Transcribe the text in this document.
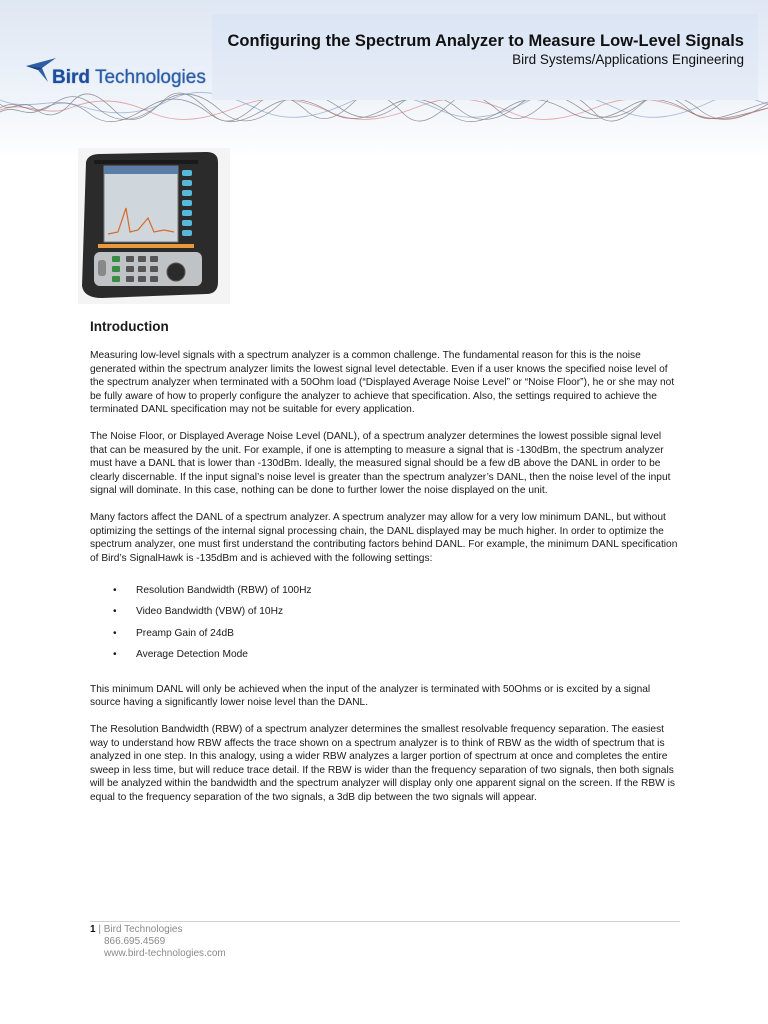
Configuring the Spectrum Analyzer to Measure Low-Level Signals
Bird Systems/Applications Engineering
Bird Technologies
Introduction

Measuring low-level signals with a spectrum analyzer is a common challenge. The fundamental reason for this is the noise generated within the spectrum analyzer limits the lowest signal level detectable. Even if a user knows the specified noise level of the spectrum analyzer when terminated with a 50Ohm load (“Displayed Average Noise Level” or “Noise Floor”), he or she may not be fully aware of how to properly configure the analyzer to achieve that specification. Also, the settings required to achieve the terminated DANL specification may not be suitable for every application.

The Noise Floor, or Displayed Average Noise Level (DANL), of a spectrum analyzer determines the lowest possible signal level that can be measured by the unit. For example, if one is attempting to measure a signal that is -130dBm, the spectrum analyzer must have a DANL that is lower than -130dBm. Ideally, the measured signal should be a few dB above the DANL in order to be clearly discernable. If the input signal’s noise level is greater than the spectrum analyzer’s DANL, then the noise level of the input signal will dominate. In this case, nothing can be done to further lower the noise displayed on the unit.

Many factors affect the DANL of a spectrum analyzer. A spectrum analyzer may allow for a very low minimum DANL, but without optimizing the settings of the internal signal processing chain, the DANL displayed may be much higher. In order to optimize the spectrum analyzer, one must first understand the contributing factors behind DANL. For example, the minimum DANL specification of Bird’s SignalHawk is -135dBm and is achieved with the following settings:

• Resolution Bandwidth (RBW) of 100Hz
• Video Bandwidth (VBW) of 10Hz
• Preamp Gain of 24dB
• Average Detection Mode

This minimum DANL will only be achieved when the input of the analyzer is terminated with 50Ohms or is excited by a signal source having a significantly lower noise level than the DANL.

The Resolution Bandwidth (RBW) of a spectrum analyzer determines the smallest resolvable frequency separation. The easiest way to understand how RBW affects the trace shown on a spectrum analyzer is to think of RBW as the width of spectrum that is analyzed in one step. In this analogy, using a wider RBW analyzes a larger portion of spectrum at once and completes the entire sweep in less time, but will reduce trace detail. If the RBW is wider than the frequency separation of two signals, then both signals will be analyzed within the bandwidth and the spectrum analyzer will display only one apparent signal on the screen. If the RBW is equal to the frequency separation of the two signals, a 3dB dip between the two signals will appear.

1 | Bird Technologies
866.695.4569
www.bird-technologies.com
